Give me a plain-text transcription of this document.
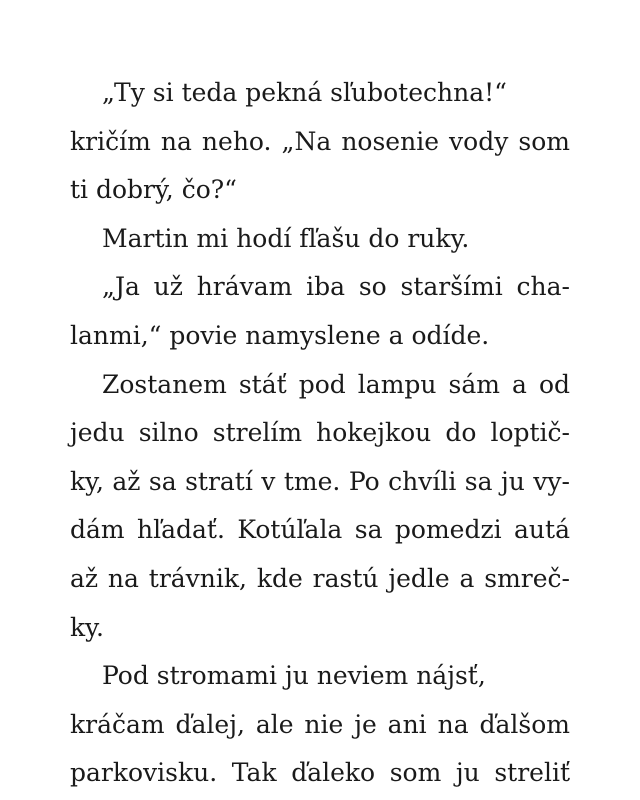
„Ty si teda pekná sľubotechna!“
kričím na neho. „Na nosenie vody som
ti dobrý, čo?“
Martin mi hodí fľašu do ruky.
„Ja už hrávam iba so staršími cha-
lanmi,“ povie namyslene a odíde.
Zostanem stáť pod lampu sám a od
jedu silno strelím hokejkou do loptič-
ky, až sa stratí v tme. Po chvíli sa ju vy-
dám hľadať. Kotúľala sa pomedzi autá
až na trávnik, kde rastú jedle a smreč-
ky.
Pod stromami ju neviem nájsť,
kráčam ďalej, ale nie je ani na ďalšom
parkovisku. Tak ďaleko som ju streliť
